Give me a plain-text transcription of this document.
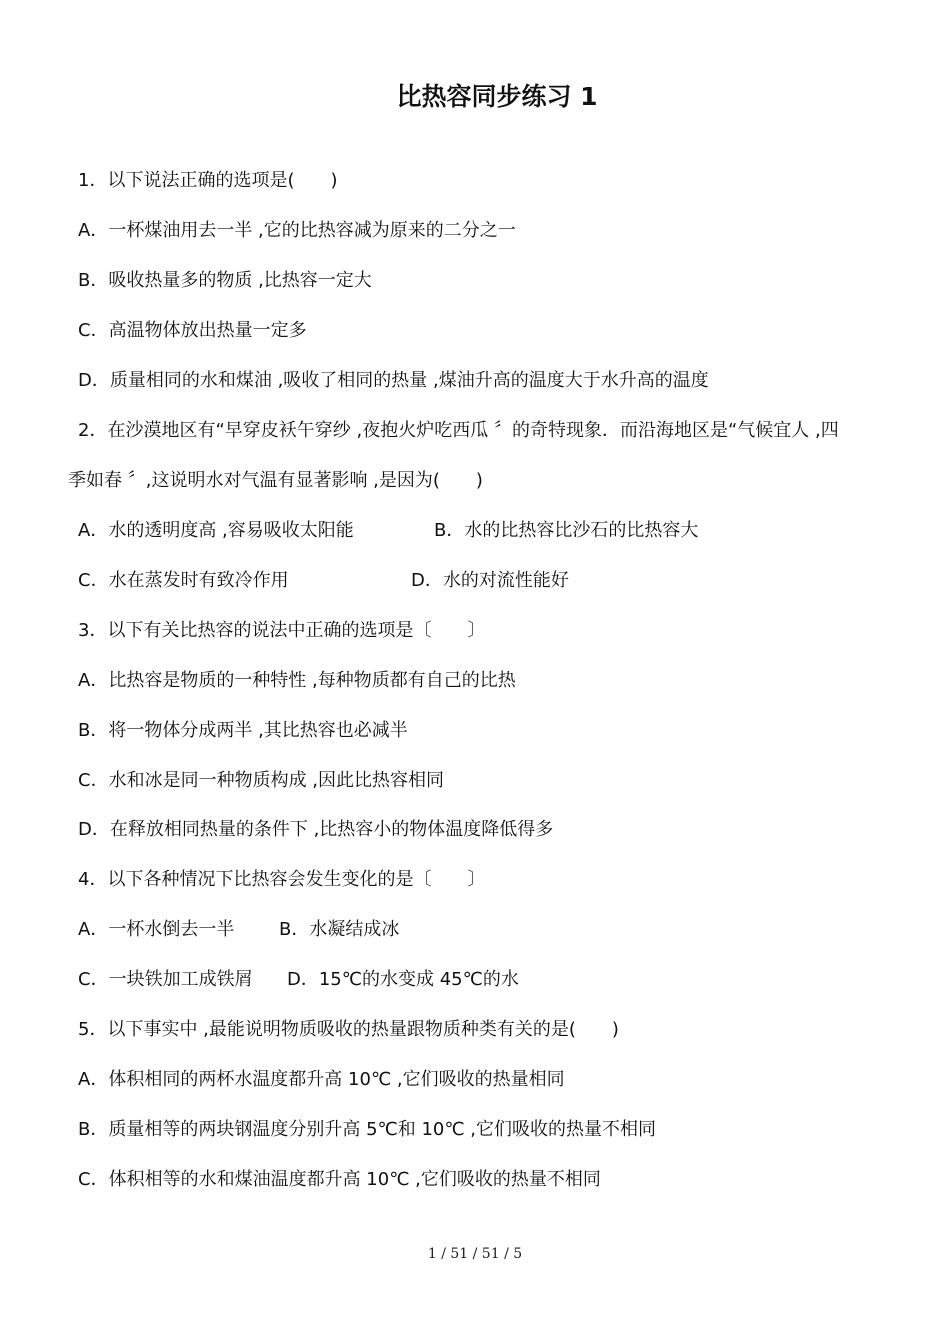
比热容同步练习 1
1．以下说法正确的选项是(　　)
A．一杯煤油用去一半 ,它的比热容减为原来的二分之一
B．吸收热量多的物质 ,比热容一定大
C．高温物体放出热量一定多
D．质量相同的水和煤油 ,吸收了相同的热量 ,煤油升高的温度大于水升高的温度
2．在沙漠地区有“早穿皮袄午穿纱 ,夜抱火炉吃西瓜 〞的奇特现象．而沿海地区是“气候宜人 ,四
季如春 〞,这说明水对气温有显著影响 ,是因为(　　)
A．水的透明度高 ,容易吸收太阳能	B．水的比热容比沙石的比热容大
C．水在蒸发时有致冷作用	D．水的对流性能好
3．以下有关比热容的说法中正确的选项是〔　　〕
A．比热容是物质的一种特性 ,每种物质都有自己的比热
B．将一物体分成两半 ,其比热容也必减半
C．水和冰是同一种物质构成 ,因此比热容相同
D．在释放相同热量的条件下 ,比热容小的物体温度降低得多
4．以下各种情况下比热容会发生变化的是〔　　〕
A．一杯水倒去一半 B．水凝结成冰
C．一块铁加工成铁屑 D．15℃的水变成 45℃的水
5．以下事实中 ,最能说明物质吸收的热量跟物质种类有关的是(　　)
A．体积相同的两杯水温度都升高 10℃ ,它们吸收的热量相同
B．质量相等的两块钢温度分别升高 5℃和 10℃ ,它们吸收的热量不相同
C．体积相等的水和煤油温度都升高 10℃ ,它们吸收的热量不相同
1 / 51 / 51 / 5
